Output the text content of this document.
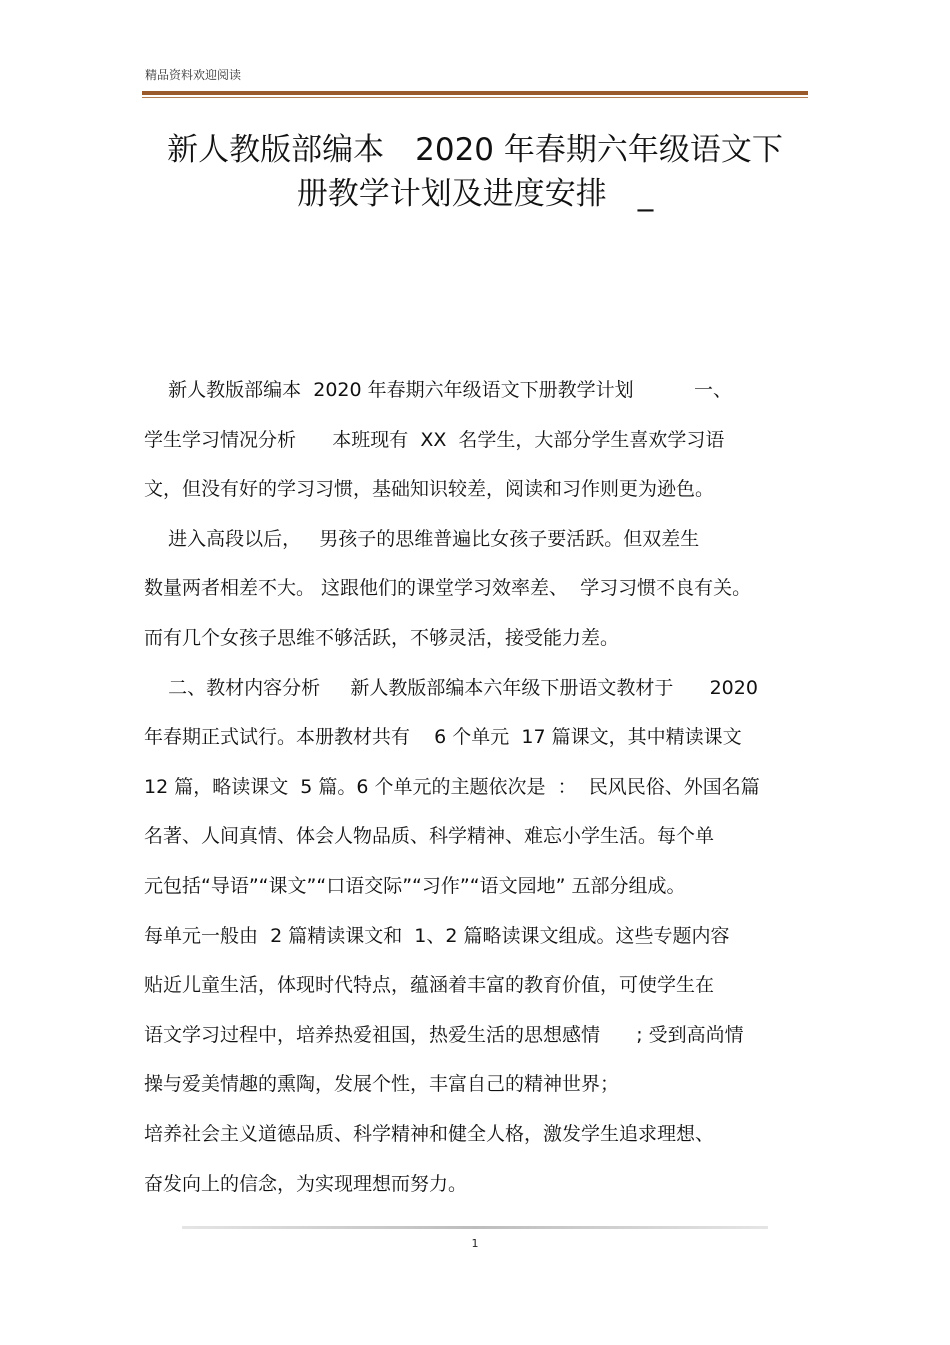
精品资料欢迎阅读
新人教版部编本　2020 年春期六年级语文下
册教学计划及进度安排　_
新人教版部编本  2020 年春期六年级语文下册教学计划          一、
学生学习情况分析      本班现有  XX  名学生，大部分学生喜欢学习语
文，但没有好的学习习惯，基础知识较差，阅读和习作则更为逊色。
进入高段以后，   男孩子的思维普遍比女孩子要活跃。但双差生
数量两者相差不大。 这跟他们的课堂学习效率差、  学习习惯不良有关。
而有几个女孩子思维不够活跃，不够灵活，接受能力差。
二、教材内容分析     新人教版部编本六年级下册语文教材于      2020
年春期正式试行。本册教材共有    6 个单元  17 篇课文，其中精读课文
12 篇，略读课文  5 篇。6 个单元的主题依次是  ：  民风民俗、外国名篇
名著、人间真情、体会人物品质、科学精神、难忘小学生活。每个单
元包括“导语”“课文”“口语交际”“习作”“语文园地” 五部分组成。
每单元一般由  2 篇精读课文和  1、2 篇略读课文组成。这些专题内容
贴近儿童生活，体现时代特点，蕴涵着丰富的教育价值，可使学生在
语文学习过程中，培养热爱祖国，热爱生活的思想感情      ; 受到高尚情
操与爱美情趣的熏陶，发展个性，丰富自己的精神世界；
培养社会主义道德品质、科学精神和健全人格，激发学生追求理想、
奋发向上的信念，为实现理想而努力。
1
